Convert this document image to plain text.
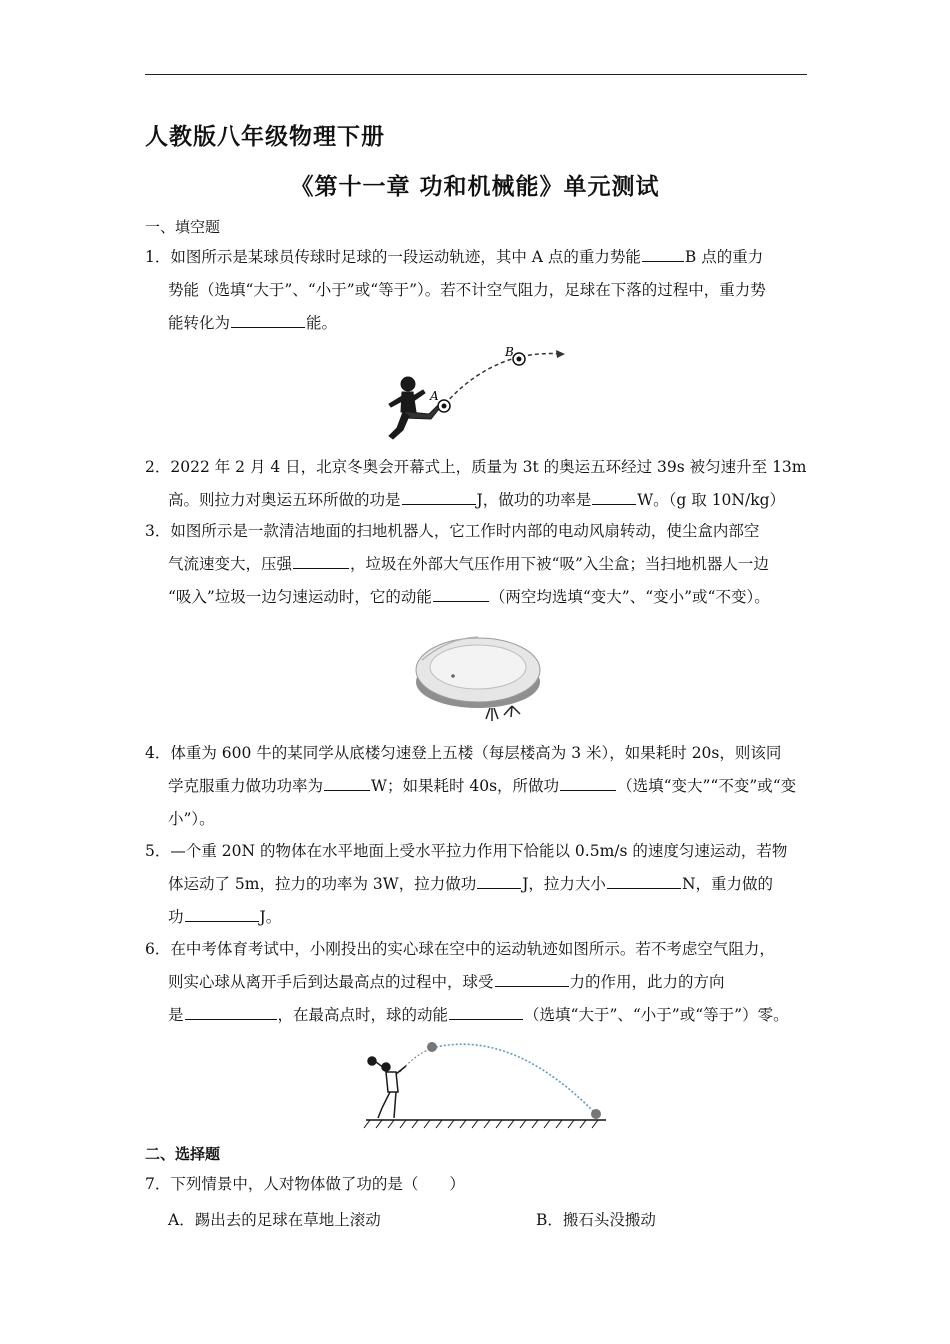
人教版八年级物理下册
《第十一章 功和机械能》单元测试
一、填空题
1．如图所示是某球员传球时足球的一段运动轨迹，其中 A 点的重力势能	B 点的重力
势能（选填“大于”、“小于”或“等于”）。若不计空气阻力，足球在下落的过程中，重力势
能转化为	能。
A
B
2．2022 年 2 月 4 日，北京冬奥会开幕式上，质量为 3t 的奥运五环经过 39s 被匀速升至 13m
高。则拉力对奥运五环所做的功是	J，做功的功率是	W。（g 取 10N/kg）
3．如图所示是一款清洁地面的扫地机器人，它工作时内部的电动风扇转动，使尘盒内部空
气流速变大，压强	，垃圾在外部大气压作用下被“吸”入尘盒；当扫地机器人一边
“吸入”垃圾一边匀速运动时，它的动能	（两空均选填“变大”、“变小”或“不变）。
4．体重为 600 牛的某同学从底楼匀速登上五楼（每层楼高为 3 米），如果耗时 20s，则该同
学克服重力做功功率为	W；如果耗时 40s，所做功	（选填“变大”“不变”或“变
小”）。
5．—个重 20N 的物体在水平地面上受水平拉力作用下恰能以 0.5m/s 的速度匀速运动，若物
体运动了 5m，拉力的功率为 3W，拉力做功	J，拉力大小	N，重力做的
功	J。
6．在中考体育考试中，小刚投出的实心球在空中的运动轨迹如图所示。若不考虑空气阻力，
则实心球从离开手后到达最高点的过程中，球受	力的作用，此力的方向
是	，在最高点时，球的动能	（选填“大于”、“小于”或“等于”）零。
二、选择题
7．下列情景中，人对物体做了功的是（　　）
A．踢出去的足球在草地上滚动	B．搬石头没搬动
